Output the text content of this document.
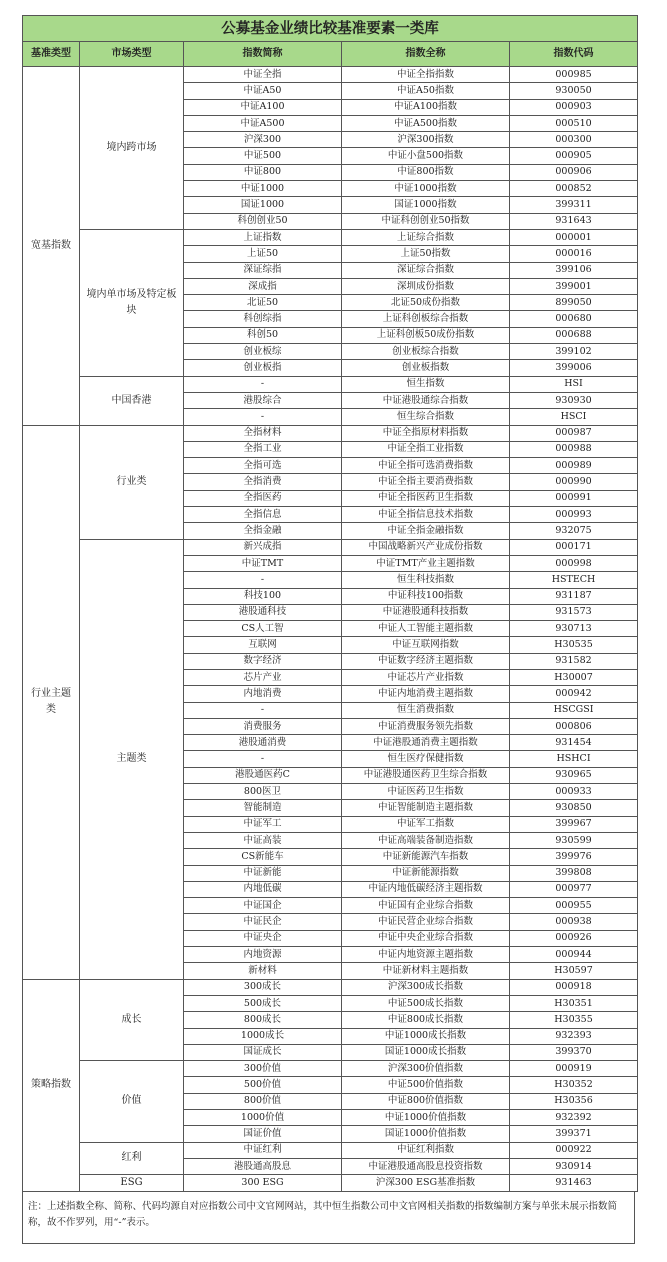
公募基金业绩比较基准要素一类库				
基准类型	市场类型	指数简称	指数全称	指数代码
宽基指数	境内跨市场	中证全指	中证全指指数	000985
		中证A50	中证A50指数	930050
		中证A100	中证A100指数	000903
		中证A500	中证A500指数	000510
		沪深300	沪深300指数	000300
		中证500	中证小盘500指数	000905
		中证800	中证800指数	000906
		中证1000	中证1000指数	000852
		国证1000	国证1000指数	399311
		科创创业50	中证科创创业50指数	931643
	境内单市场及特定板块	上证指数	上证综合指数	000001
		上证50	上证50指数	000016
		深证综指	深证综合指数	399106
		深成指	深圳成份指数	399001
		北证50	北证50成份指数	899050
		科创综指	上证科创板综合指数	000680
		科创50	上证科创板50成份指数	000688
		创业板综	创业板综合指数	399102
		创业板指	创业板指数	399006
	中国香港	-	恒生指数	HSI
		港股综合	中证港股通综合指数	930930
		-	恒生综合指数	HSCI
行业主题类	行业类	全指材料	中证全指原材料指数	000987
		全指工业	中证全指工业指数	000988
		全指可选	中证全指可选消费指数	000989
		全指消费	中证全指主要消费指数	000990
		全指医药	中证全指医药卫生指数	000991
		全指信息	中证全指信息技术指数	000993
		全指金融	中证全指金融指数	932075
	主题类	新兴成指	中国战略新兴产业成份指数	000171
		中证TMT	中证TMT产业主题指数	000998
		-	恒生科技指数	HSTECH
		科技100	中证科技100指数	931187
		港股通科技	中证港股通科技指数	931573
		CS人工智	中证人工智能主题指数	930713
		互联网	中证互联网指数	H30535
		数字经济	中证数字经济主题指数	931582
		芯片产业	中证芯片产业指数	H30007
		内地消费	中证内地消费主题指数	000942
		-	恒生消费指数	HSCGSI
		消费服务	中证消费服务领先指数	000806
		港股通消费	中证港股通消费主题指数	931454
		-	恒生医疗保健指数	HSHCI
		港股通医药C	中证港股通医药卫生综合指数	930965
		800医卫	中证医药卫生指数	000933
		智能制造	中证智能制造主题指数	930850
		中证军工	中证军工指数	399967
		中证高装	中证高端装备制造指数	930599
		CS新能车	中证新能源汽车指数	399976
		中证新能	中证新能源指数	399808
		内地低碳	中证内地低碳经济主题指数	000977
		中证国企	中证国有企业综合指数	000955
		中证民企	中证民营企业综合指数	000938
		中证央企	中证中央企业综合指数	000926
		内地资源	中证内地资源主题指数	000944
		新材料	中证新材料主题指数	H30597
策略指数	成长	300成长	沪深300成长指数	000918
		500成长	中证500成长指数	H30351
		800成长	中证800成长指数	H30355
		1000成长	中证1000成长指数	932393
		国证成长	国证1000成长指数	399370
	价值	300价值	沪深300价值指数	000919
		500价值	中证500价值指数	H30352
		800价值	中证800价值指数	H30356
		1000价值	中证1000价值指数	932392
		国证价值	国证1000价值指数	399371
	红利	中证红利	中证红利指数	000922
		港股通高股息	中证港股通高股息投资指数	930914
	ESG	300 ESG	沪深300 ESG基准指数	931463
注：上述指数全称、简称、代码均源自对应指数公司中文官网网站，其中恒生指数公司中文官网相关指数的指数编制方案与单张未展示指数简称，故不作罗列，用“-”表示。
